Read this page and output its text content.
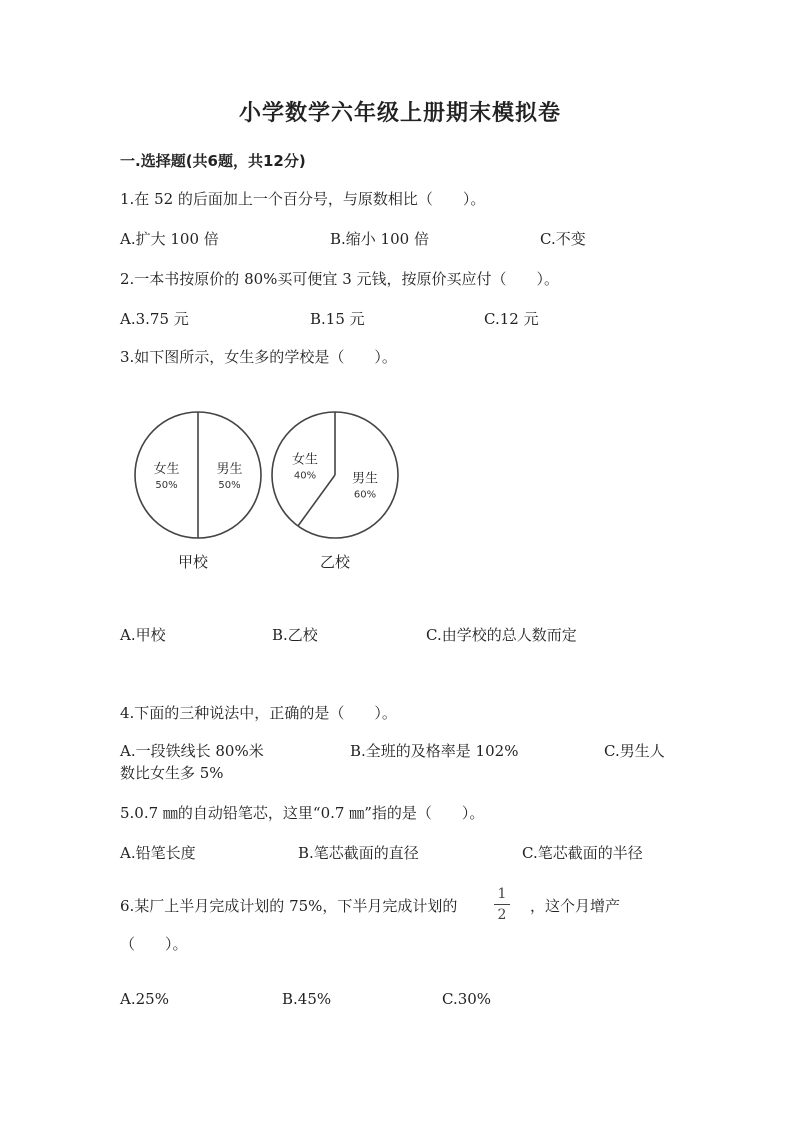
小学数学六年级上册期末模拟卷
一.选择题(共6题，共12分)
1.在 52 的后面加上一个百分号，与原数相比（　　）。
A.扩大 100 倍	B.缩小 100 倍	C.不变
2.一本书按原价的 80%买可便宜 3 元钱，按原价买应付（　　）。
A.3.75 元	B.15 元	C.12 元
3.如下图所示，女生多的学校是（　　）。
女生
50%
男生
50%
女生
40%	男生
60%
甲校	乙校
A.甲校	B.乙校	C.由学校的总人数而定
4.下面的三种说法中，正确的是（　　）。
A.一段铁线长 80%米	B.全班的及格率是 102%	C.男生人
数比女生多 5%
5.0.7 ㎜的自动铅笔芯，这里“0.7 ㎜”指的是（　　）。
A.铅笔长度	B.笔芯截面的直径	C.笔芯截面的半径
6.某厂上半月完成计划的 75%，下半月完成计划的
1
2	，这个月增产
（　　）。
A.25%	B.45%	C.30%
